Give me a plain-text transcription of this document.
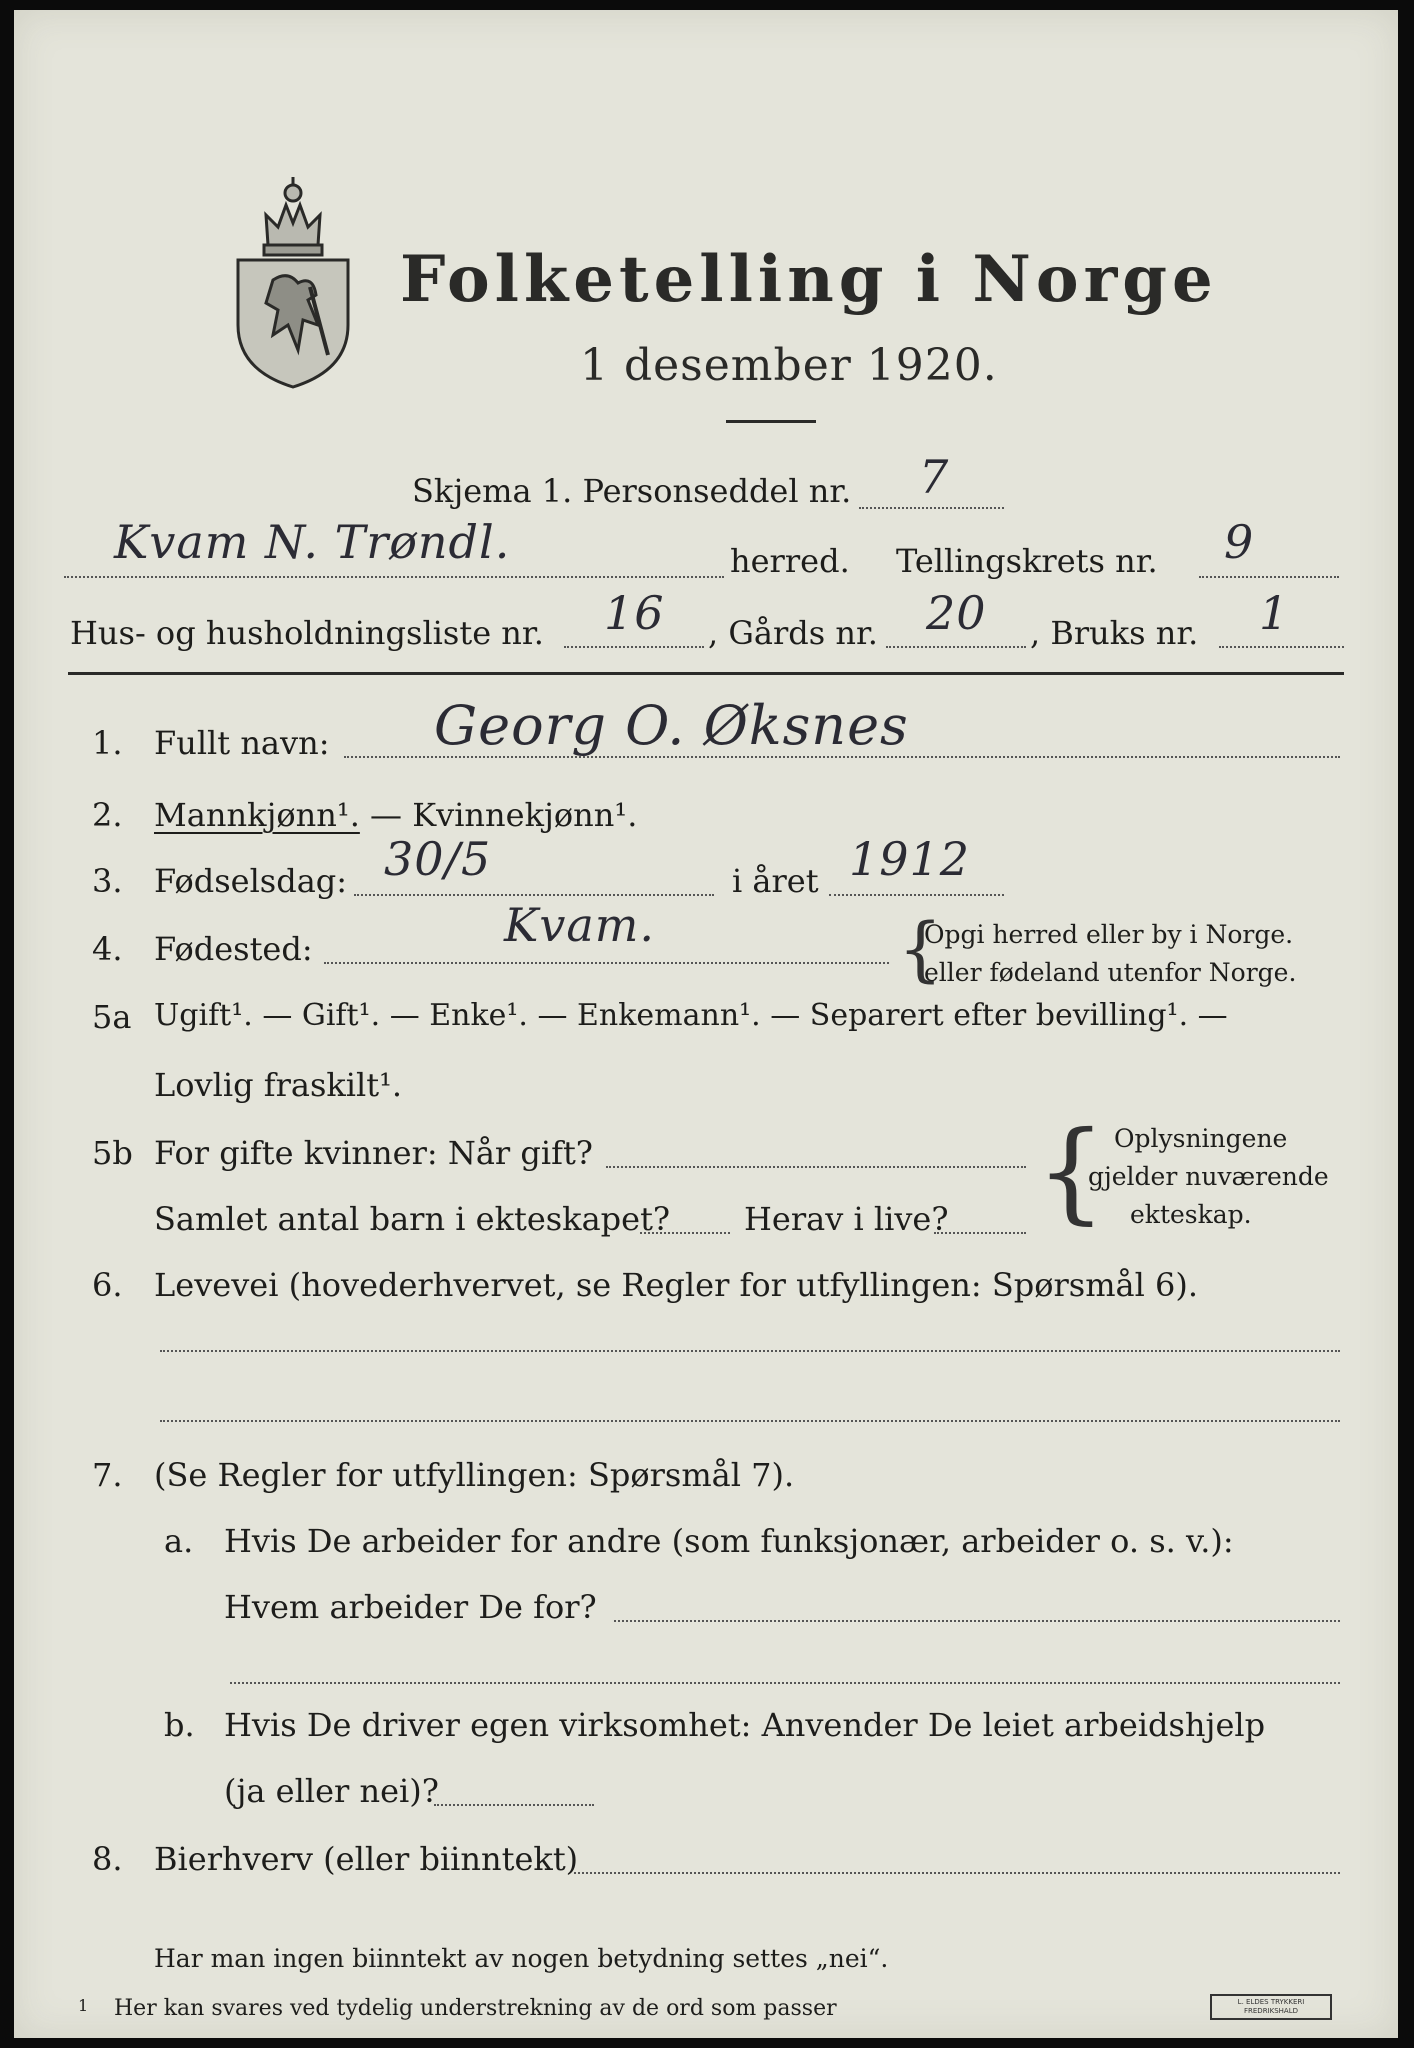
Folketelling i Norge
1 desember 1920.
Skjema 1. Personseddel nr. 7
Kvam N. Trøndl.	herred. Tellingskrets nr. 9
Hus- og husholdningsliste nr. 16 , Gårds nr. 20 , Bruks nr. 1
1. Fullt navn: Georg O. Øksnes
2. Mannkjønn¹. — Kvinnekjønn¹.
3. Fødselsdag: 30/5	i året 1912
4. Fødested:	Kvam.	{
Opgi herred eller by i Norge.
eller fødeland utenfor Norge.
5a Ugift¹. — Gift¹. — Enke¹. — Enkemann¹. — Separert efter bevilling¹. —
Lovlig fraskilt¹.
5b For gifte kvinner: Når gift?
Samlet antal barn i ekteskapet? Herav i live? { Oplysningene
gjelder nuværende
ekteskap.
6. Levevei (hovederhvervet, se Regler for utfyllingen: Spørsmål 6).
7. (Se Regler for utfyllingen: Spørsmål 7).
a. Hvis De arbeider for andre (som funksjonær, arbeider o. s. v.):
Hvem arbeider De for?
b. Hvis De driver egen virksomhet: Anvender De leiet arbeidshjelp
(ja eller nei)?
8. Bierhverv (eller biinntekt)
Har man ingen biinntekt av nogen betydning settes „nei“.
1 Her kan svares ved tydelig understrekning av de ord som passer	L. ELDES TRYKKERI FREDRIKSHALD
